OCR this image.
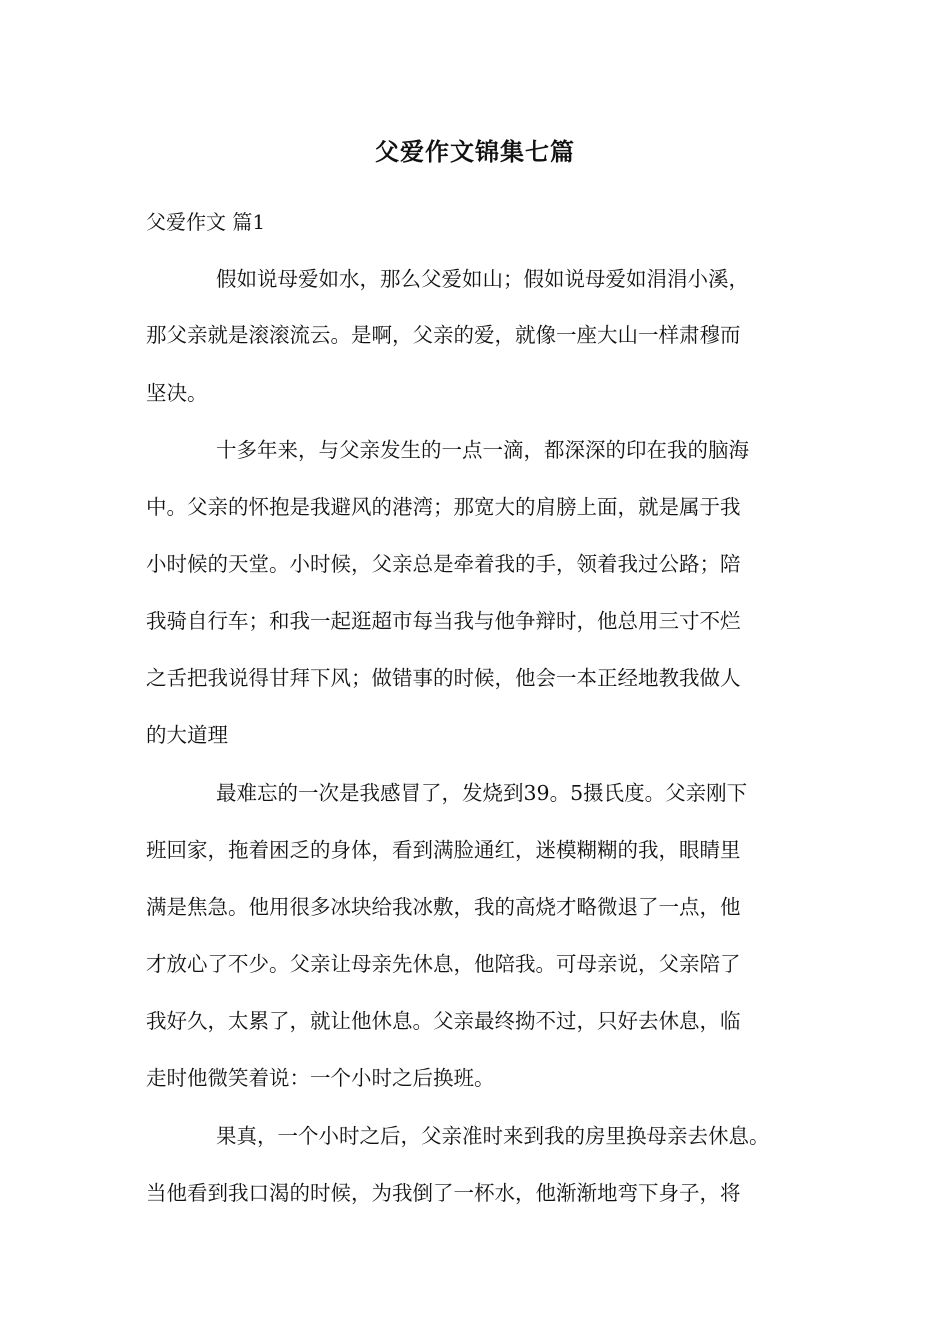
父爱作文锦集七篇
父爱作文 篇1
假如说母爱如水，那么父爱如山；假如说母爱如涓涓小溪，
那父亲就是滚滚流云。是啊，父亲的爱，就像一座大山一样肃穆而
坚决。
十多年来，与父亲发生的一点一滴，都深深的印在我的脑海
中。父亲的怀抱是我避风的港湾；那宽大的肩膀上面，就是属于我
小时候的天堂。小时候，父亲总是牵着我的手，领着我过公路；陪
我骑自行车；和我一起逛超市每当我与他争辩时，他总用三寸不烂
之舌把我说得甘拜下风；做错事的时候，他会一本正经地教我做人
的大道理
最难忘的一次是我感冒了，发烧到39。5摄氏度。父亲刚下
班回家，拖着困乏的身体，看到满脸通红，迷模糊糊的我，眼睛里
满是焦急。他用很多冰块给我冰敷，我的高烧才略微退了一点，他
才放心了不少。父亲让母亲先休息，他陪我。可母亲说，父亲陪了
我好久，太累了，就让他休息。父亲最终拗不过，只好去休息，临
走时他微笑着说：一个小时之后换班。
果真，一个小时之后，父亲准时来到我的房里换母亲去休息。
当他看到我口渴的时候，为我倒了一杯水，他渐渐地弯下身子，将
